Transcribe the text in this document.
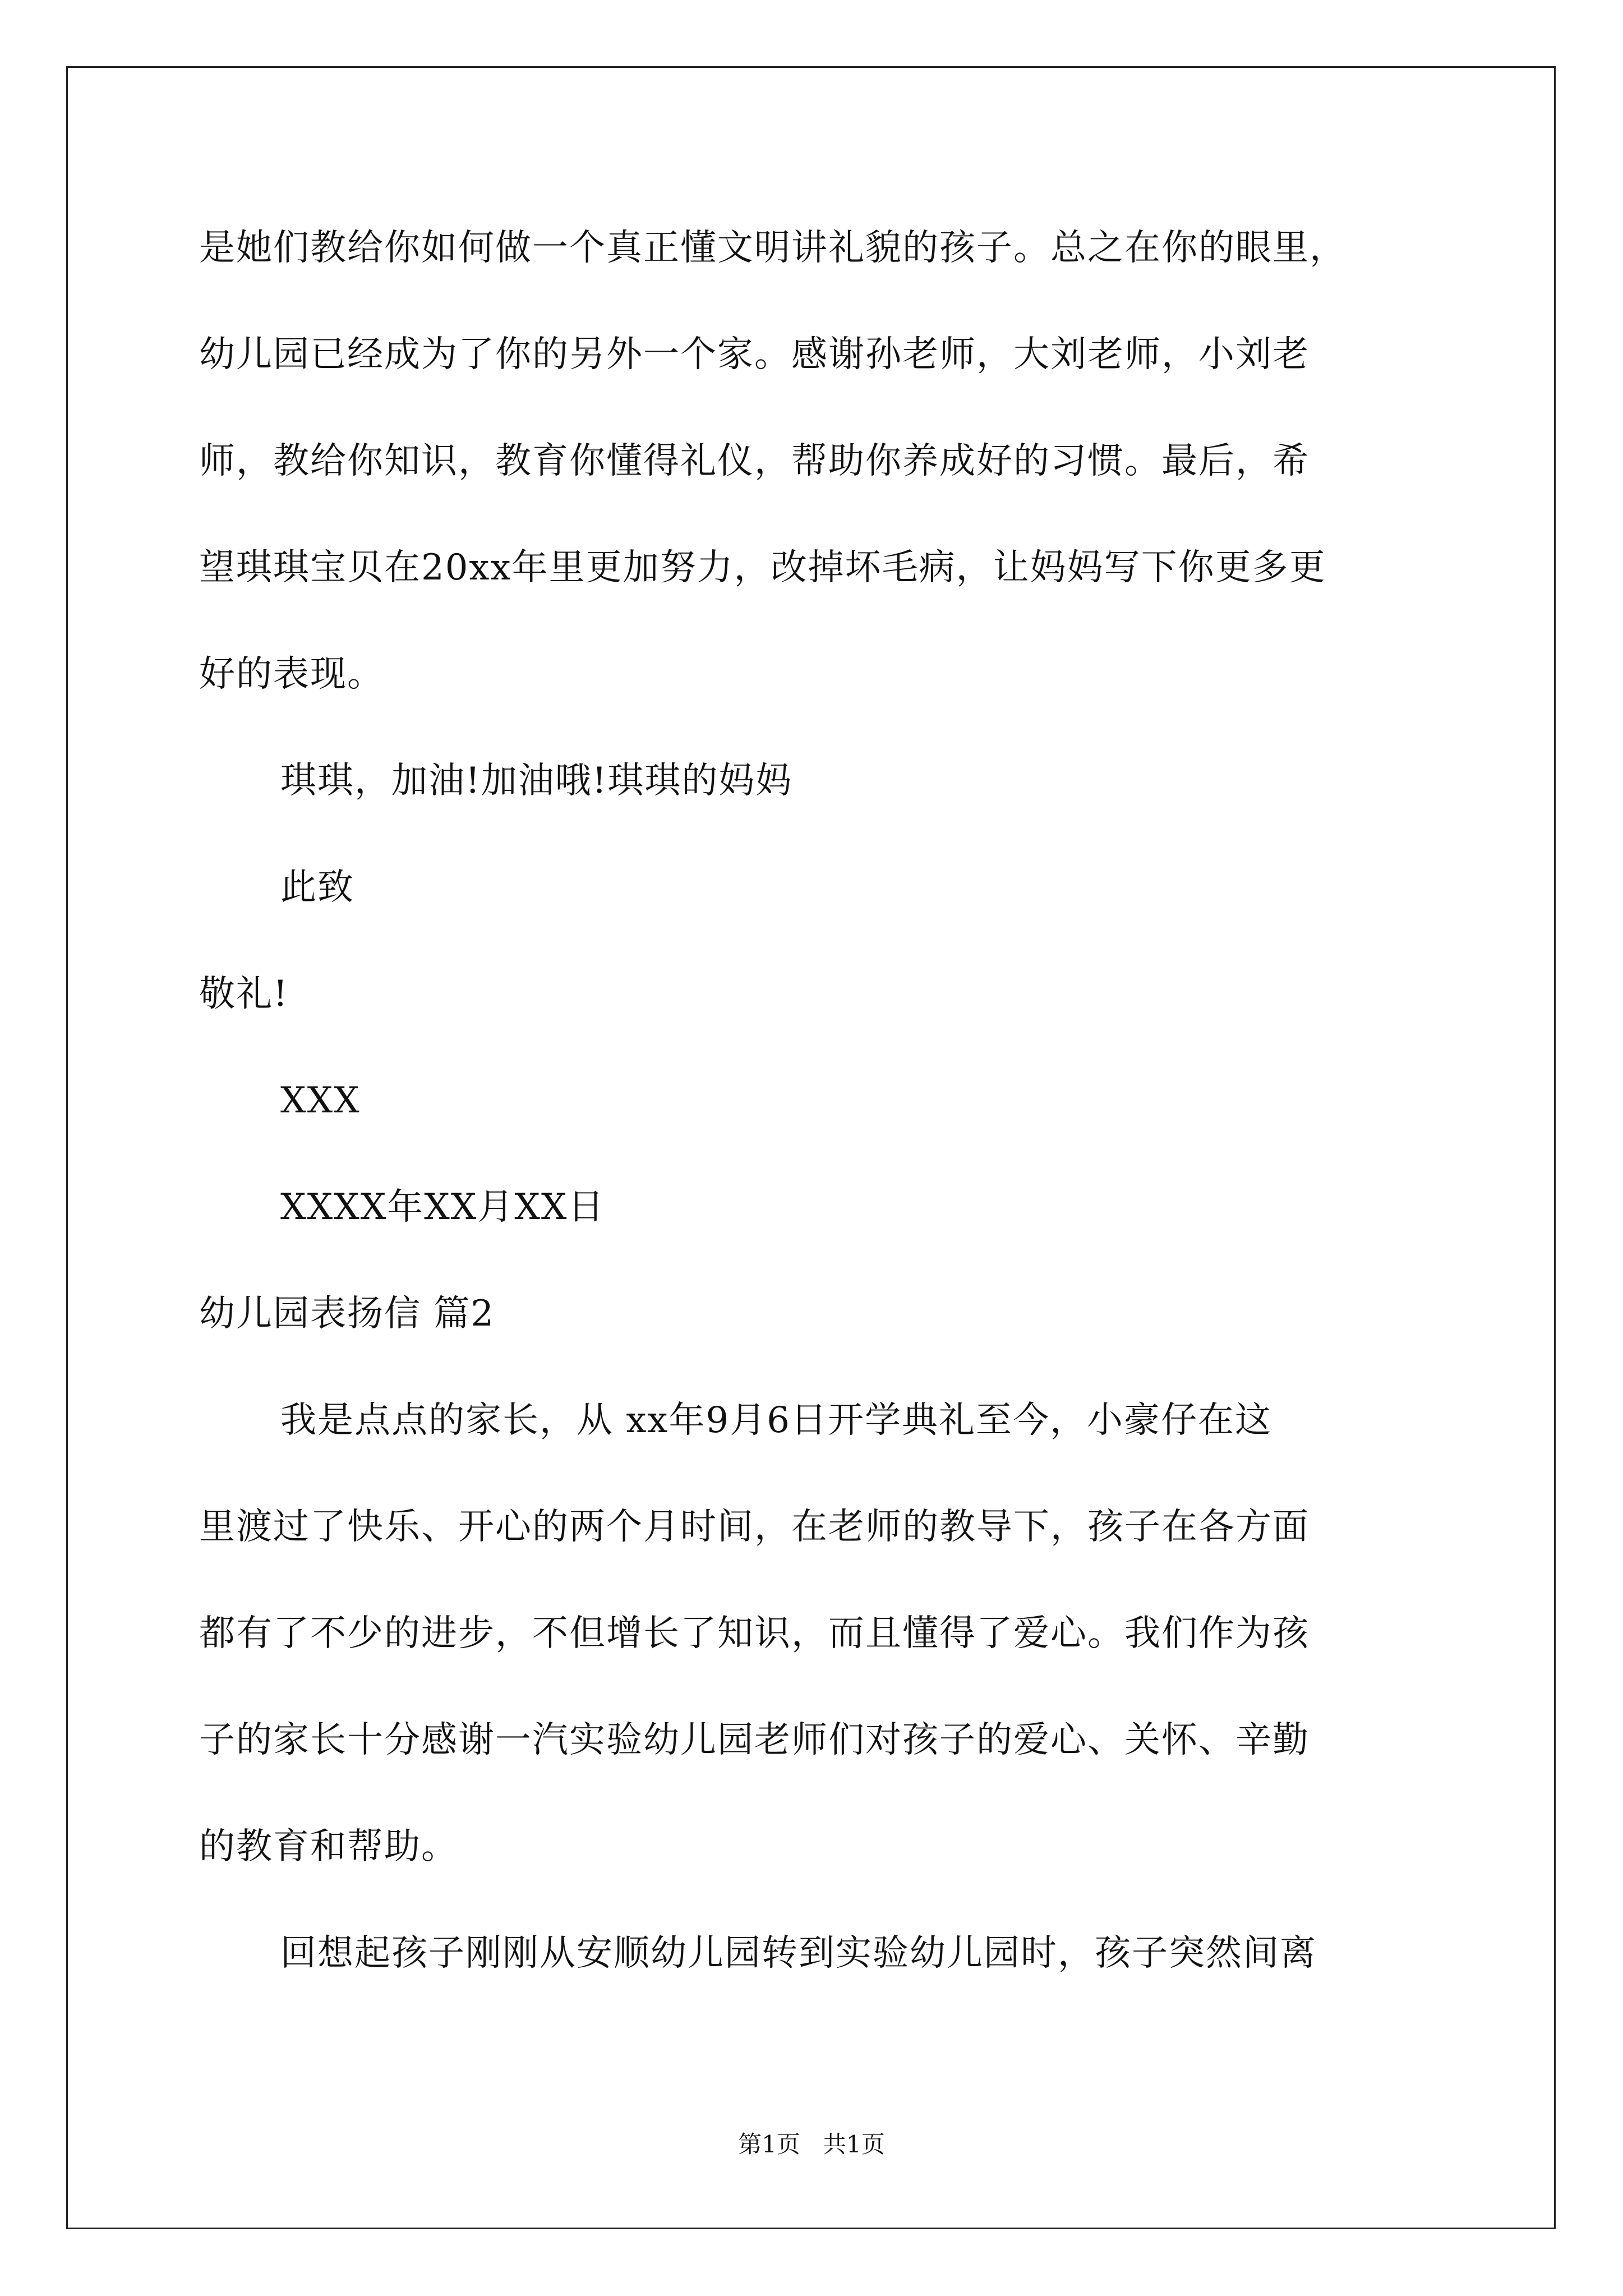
是她们教给你如何做一个真正懂文明讲礼貌的孩子。总之在你的眼里，
幼儿园已经成为了你的另外一个家。感谢孙老师，大刘老师，小刘老
师，教给你知识，教育你懂得礼仪，帮助你养成好的习惯。最后，希
望琪琪宝贝在20xx年里更加努力，改掉坏毛病，让妈妈写下你更多更
好的表现。
琪琪，加油!加油哦!琪琪的妈妈
此致
敬礼!
XXX
XXXX年XX月XX日
幼儿园表扬信 篇2
我是点点的家长，从 xx年9月6日开学典礼至今，小豪仔在这
里渡过了快乐、开心的两个月时间，在老师的教导下，孩子在各方面
都有了不少的进步，不但增长了知识，而且懂得了爱心。我们作为孩
子的家长十分感谢一汽实验幼儿园老师们对孩子的爱心、关怀、辛勤
的教育和帮助。
回想起孩子刚刚从安顺幼儿园转到实验幼儿园时，孩子突然间离
第1页   共1页
